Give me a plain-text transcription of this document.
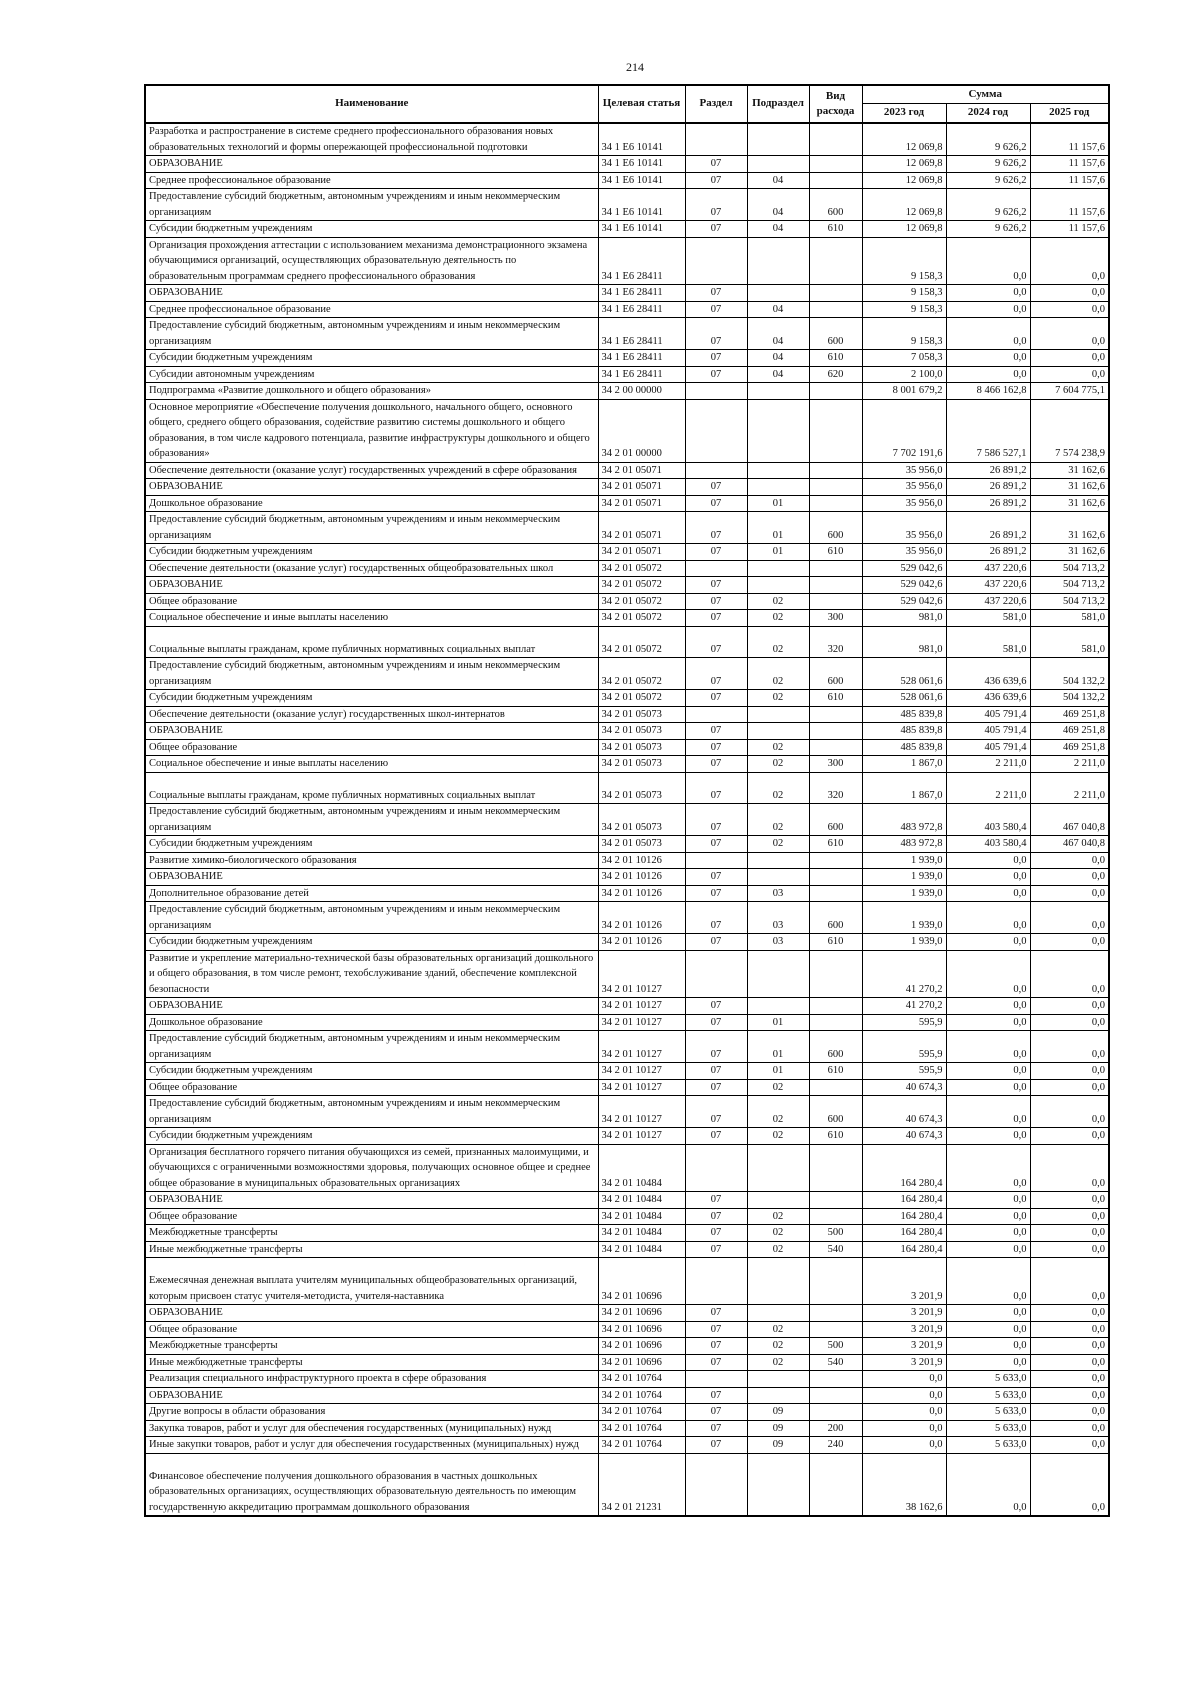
214
Наименование	Целевая статья	Раздел	Подраздел	Вид расхода	Сумма		
					2023 год	2024 год	2025 год
Разработка и распространение в системе среднего профессионального образования новых образовательных технологий и формы опережающей профессиональной подготовки	34 1 Е6 10141				12 069,8	9 626,2	11 157,6
ОБРАЗОВАНИЕ	34 1 Е6 10141	07			12 069,8	9 626,2	11 157,6
Среднее профессиональное образование	34 1 Е6 10141	07	04		12 069,8	9 626,2	11 157,6
Предоставление субсидий бюджетным, автономным учреждениям и иным некоммерческим организациям	34 1 Е6 10141	07	04	600	12 069,8	9 626,2	11 157,6
Субсидии бюджетным учреждениям	34 1 Е6 10141	07	04	610	12 069,8	9 626,2	11 157,6
Организация прохождения аттестации с использованием механизма демонстрационного экзамена обучающимися организаций, осуществляющих образовательную деятельность по образовательным программам среднего профессионального образования	34 1 Е6 28411				9 158,3	0,0	0,0
ОБРАЗОВАНИЕ	34 1 Е6 28411	07			9 158,3	0,0	0,0
Среднее профессиональное образование	34 1 Е6 28411	07	04		9 158,3	0,0	0,0
Предоставление субсидий бюджетным, автономным учреждениям и иным некоммерческим организациям	34 1 Е6 28411	07	04	600	9 158,3	0,0	0,0
Субсидии бюджетным учреждениям	34 1 Е6 28411	07	04	610	7 058,3	0,0	0,0
Субсидии автономным учреждениям	34 1 Е6 28411	07	04	620	2 100,0	0,0	0,0
Подпрограмма «Развитие дошкольного и общего образования»	34 2 00 00000				8 001 679,2	8 466 162,8	7 604 775,1
Основное мероприятие «Обеспечение получения дошкольного, начального общего, основного общего, среднего общего образования, содействие развитию системы дошкольного и общего образования, в том числе кадрового потенциала, развитие инфраструктуры дошкольного и общего образования»	34 2 01 00000				7 702 191,6	7 586 527,1	7 574 238,9
Обеспечение деятельности (оказание услуг) государственных учреждений в сфере образования	34 2 01 05071				35 956,0	26 891,2	31 162,6
ОБРАЗОВАНИЕ	34 2 01 05071	07			35 956,0	26 891,2	31 162,6
Дошкольное образование	34 2 01 05071	07	01		35 956,0	26 891,2	31 162,6
Предоставление субсидий бюджетным, автономным учреждениям и иным некоммерческим организациям	34 2 01 05071	07	01	600	35 956,0	26 891,2	31 162,6
Субсидии бюджетным учреждениям	34 2 01 05071	07	01	610	35 956,0	26 891,2	31 162,6
Обеспечение деятельности (оказание услуг) государственных общеобразовательных школ	34 2 01 05072				529 042,6	437 220,6	504 713,2
ОБРАЗОВАНИЕ	34 2 01 05072	07			529 042,6	437 220,6	504 713,2
Общее образование	34 2 01 05072	07	02		529 042,6	437 220,6	504 713,2
Социальное обеспечение и иные выплаты населению	34 2 01 05072	07	02	300	981,0	581,0	581,0
Социальные выплаты гражданам, кроме публичных нормативных социальных выплат	34 2 01 05072	07	02	320	981,0	581,0	581,0
Предоставление субсидий бюджетным, автономным учреждениям и иным некоммерческим организациям	34 2 01 05072	07	02	600	528 061,6	436 639,6	504 132,2
Субсидии бюджетным учреждениям	34 2 01 05072	07	02	610	528 061,6	436 639,6	504 132,2
Обеспечение деятельности (оказание услуг) государственных школ-интернатов	34 2 01 05073				485 839,8	405 791,4	469 251,8
ОБРАЗОВАНИЕ	34 2 01 05073	07			485 839,8	405 791,4	469 251,8
Общее образование	34 2 01 05073	07	02		485 839,8	405 791,4	469 251,8
Социальное обеспечение и иные выплаты населению	34 2 01 05073	07	02	300	1 867,0	2 211,0	2 211,0
Социальные выплаты гражданам, кроме публичных нормативных социальных выплат	34 2 01 05073	07	02	320	1 867,0	2 211,0	2 211,0
Предоставление субсидий бюджетным, автономным учреждениям и иным некоммерческим организациям	34 2 01 05073	07	02	600	483 972,8	403 580,4	467 040,8
Субсидии бюджетным учреждениям	34 2 01 05073	07	02	610	483 972,8	403 580,4	467 040,8
Развитие химико-биологического образования	34 2 01 10126				1 939,0	0,0	0,0
ОБРАЗОВАНИЕ	34 2 01 10126	07			1 939,0	0,0	0,0
Дополнительное образование детей	34 2 01 10126	07	03		1 939,0	0,0	0,0
Предоставление субсидий бюджетным, автономным учреждениям и иным некоммерческим организациям	34 2 01 10126	07	03	600	1 939,0	0,0	0,0
Субсидии бюджетным учреждениям	34 2 01 10126	07	03	610	1 939,0	0,0	0,0
Развитие и укрепление материально-технической базы образовательных организаций дошкольного и общего образования, в том числе ремонт, техобслуживание зданий, обеспечение комплексной безопасности	34 2 01 10127				41 270,2	0,0	0,0
ОБРАЗОВАНИЕ	34 2 01 10127	07			41 270,2	0,0	0,0
Дошкольное образование	34 2 01 10127	07	01		595,9	0,0	0,0
Предоставление субсидий бюджетным, автономным учреждениям и иным некоммерческим организациям	34 2 01 10127	07	01	600	595,9	0,0	0,0
Субсидии бюджетным учреждениям	34 2 01 10127	07	01	610	595,9	0,0	0,0
Общее образование	34 2 01 10127	07	02		40 674,3	0,0	0,0
Предоставление субсидий бюджетным, автономным учреждениям и иным некоммерческим организациям	34 2 01 10127	07	02	600	40 674,3	0,0	0,0
Субсидии бюджетным учреждениям	34 2 01 10127	07	02	610	40 674,3	0,0	0,0
Организация бесплатного горячего питания обучающихся из семей, признанных малоимущими, и обучающихся с ограниченными возможностями здоровья, получающих основное общее и среднее общее образование в муниципальных образовательных организациях	34 2 01 10484				164 280,4	0,0	0,0
ОБРАЗОВАНИЕ	34 2 01 10484	07			164 280,4	0,0	0,0
Общее образование	34 2 01 10484	07	02		164 280,4	0,0	0,0
Межбюджетные трансферты	34 2 01 10484	07	02	500	164 280,4	0,0	0,0
Иные межбюджетные трансферты	34 2 01 10484	07	02	540	164 280,4	0,0	0,0
Ежемесячная денежная выплата учителям муниципальных общеобразовательных организаций, которым присвоен статус учителя-методиста, учителя-наставника	34 2 01 10696				3 201,9	0,0	0,0
ОБРАЗОВАНИЕ	34 2 01 10696	07			3 201,9	0,0	0,0
Общее образование	34 2 01 10696	07	02		3 201,9	0,0	0,0
Межбюджетные трансферты	34 2 01 10696	07	02	500	3 201,9	0,0	0,0
Иные межбюджетные трансферты	34 2 01 10696	07	02	540	3 201,9	0,0	0,0
Реализация специального инфраструктурного проекта в сфере образования	34 2 01 10764				0,0	5 633,0	0,0
ОБРАЗОВАНИЕ	34 2 01 10764	07			0,0	5 633,0	0,0
Другие вопросы в области образования	34 2 01 10764	07	09		0,0	5 633,0	0,0
Закупка товаров, работ и услуг для обеспечения государственных (муниципальных) нужд	34 2 01 10764	07	09	200	0,0	5 633,0	0,0
Иные закупки товаров, работ и услуг для обеспечения государственных (муниципальных) нужд	34 2 01 10764	07	09	240	0,0	5 633,0	0,0
Финансовое обеспечение получения дошкольного образования в частных дошкольных образовательных организациях, осуществляющих образовательную деятельность по имеющим государственную аккредитацию программам дошкольного образования	34 2 01 21231				38 162,6	0,0	0,0
